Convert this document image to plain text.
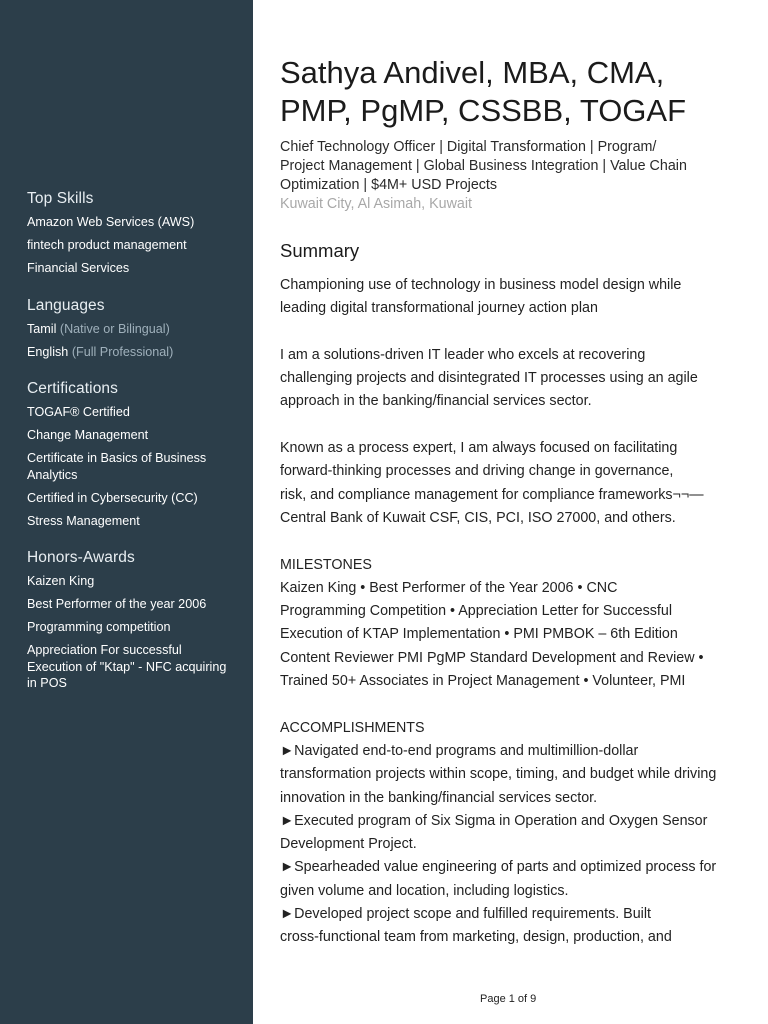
Top Skills
Amazon Web Services (AWS)
fintech product management
Financial Services
Languages
Tamil (Native or Bilingual)
English (Full Professional)
Certifications
TOGAF® Certified
Change Management
Certificate in Basics of Business Analytics
Certified in Cybersecurity (CC)
Stress Management
Honors-Awards
Kaizen King
Best Performer of the year 2006
Programming competition
Appreciation For successful Execution of "Ktap" - NFC acquiring in POS
Sathya Andivel, MBA, CMA,
PMP, PgMP, CSSBB, TOGAF
Chief Technology Officer | Digital Transformation | Program/
Project Management | Global Business Integration | Value Chain
Optimization | $4M+ USD Projects
Kuwait City, Al Asimah, Kuwait
Summary
Championing use of technology in business model design while
leading digital transformational journey action plan
I am a solutions-driven IT leader who excels at recovering
challenging projects and disintegrated IT processes using an agile
approach in the banking/financial services sector.
Known as a process expert, I am always focused on facilitating
forward-thinking processes and driving change in governance,
risk, and compliance management for compliance frameworks¬¬—
Central Bank of Kuwait CSF, CIS, PCI, ISO 27000, and others.
MILESTONES
Kaizen King • Best Performer of the Year 2006 • CNC
Programming Competition • Appreciation Letter for Successful
Execution of KTAP Implementation • PMI PMBOK – 6th Edition
Content Reviewer PMI PgMP Standard Development and Review •
Trained 50+ Associates in Project Management • Volunteer, PMI
ACCOMPLISHMENTS
►Navigated end-to-end programs and multimillion-dollar
transformation projects within scope, timing, and budget while driving
innovation in the banking/financial services sector.
►Executed program of Six Sigma in Operation and Oxygen Sensor
Development Project.
►Spearheaded value engineering of parts and optimized process for
given volume and location, including logistics.
►Developed project scope and fulfilled requirements. Built
cross-functional team from marketing, design, production, and
Page 1 of 9
